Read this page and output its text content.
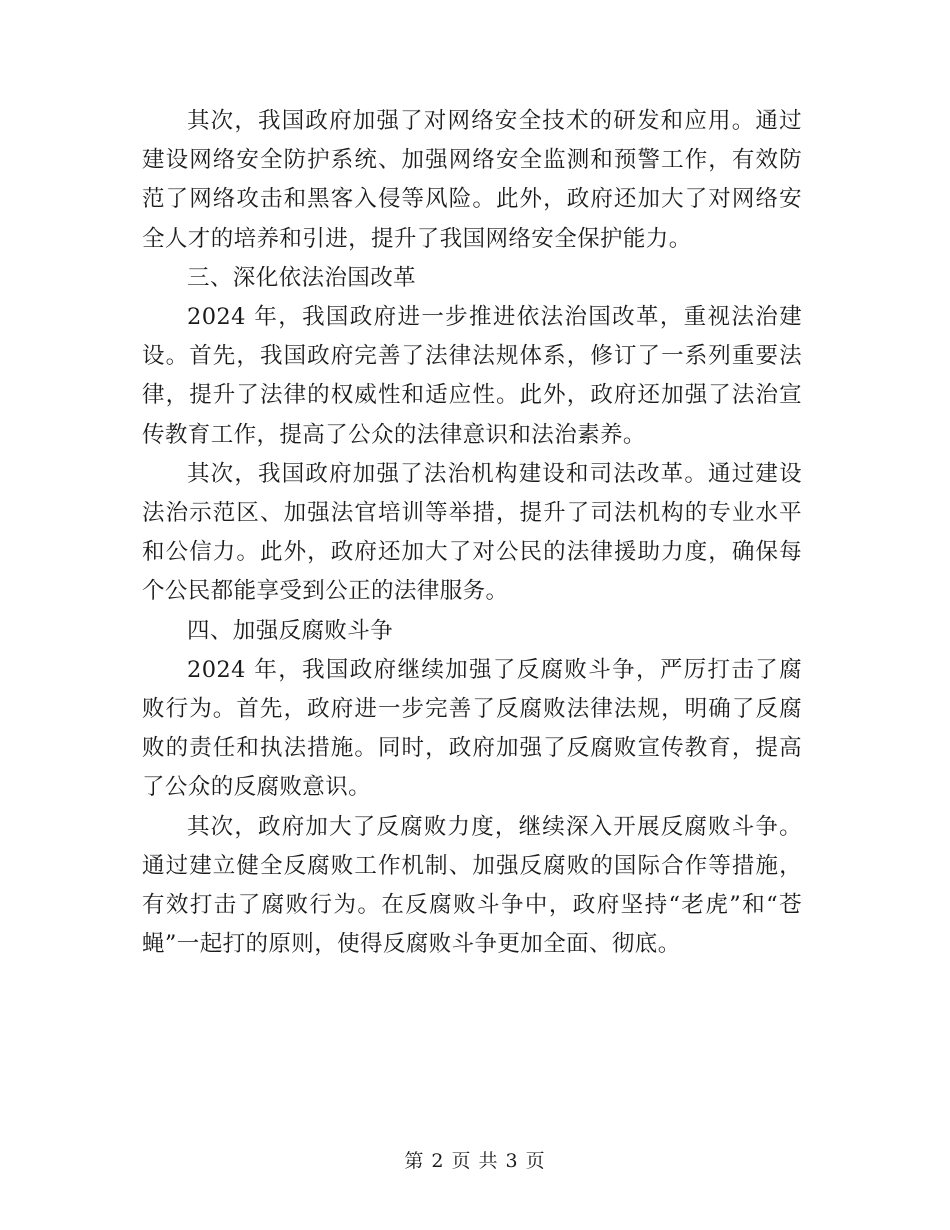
其次，我国政府加强了对网络安全技术的研发和应用。通过建设网络安全防护系统、加强网络安全监测和预警工作，有效防范了网络攻击和黑客入侵等风险。此外，政府还加大了对网络安全人才的培养和引进，提升了我国网络安全保护能力。

三、深化依法治国改革

2024 年，我国政府进一步推进依法治国改革，重视法治建设。首先，我国政府完善了法律法规体系，修订了一系列重要法律，提升了法律的权威性和适应性。此外，政府还加强了法治宣传教育工作，提高了公众的法律意识和法治素养。

其次，我国政府加强了法治机构建设和司法改革。通过建设法治示范区、加强法官培训等举措，提升了司法机构的专业水平和公信力。此外，政府还加大了对公民的法律援助力度，确保每个公民都能享受到公正的法律服务。

四、加强反腐败斗争

2024 年，我国政府继续加强了反腐败斗争，严厉打击了腐败行为。首先，政府进一步完善了反腐败法律法规，明确了反腐败的责任和执法措施。同时，政府加强了反腐败宣传教育，提高了公众的反腐败意识。

其次，政府加大了反腐败力度，继续深入开展反腐败斗争。通过建立健全反腐败工作机制、加强反腐败的国际合作等措施，有效打击了腐败行为。在反腐败斗争中，政府坚持“老虎”和“苍蝇”一起打的原则，使得反腐败斗争更加全面、彻底。

第 2 页 共 3 页
